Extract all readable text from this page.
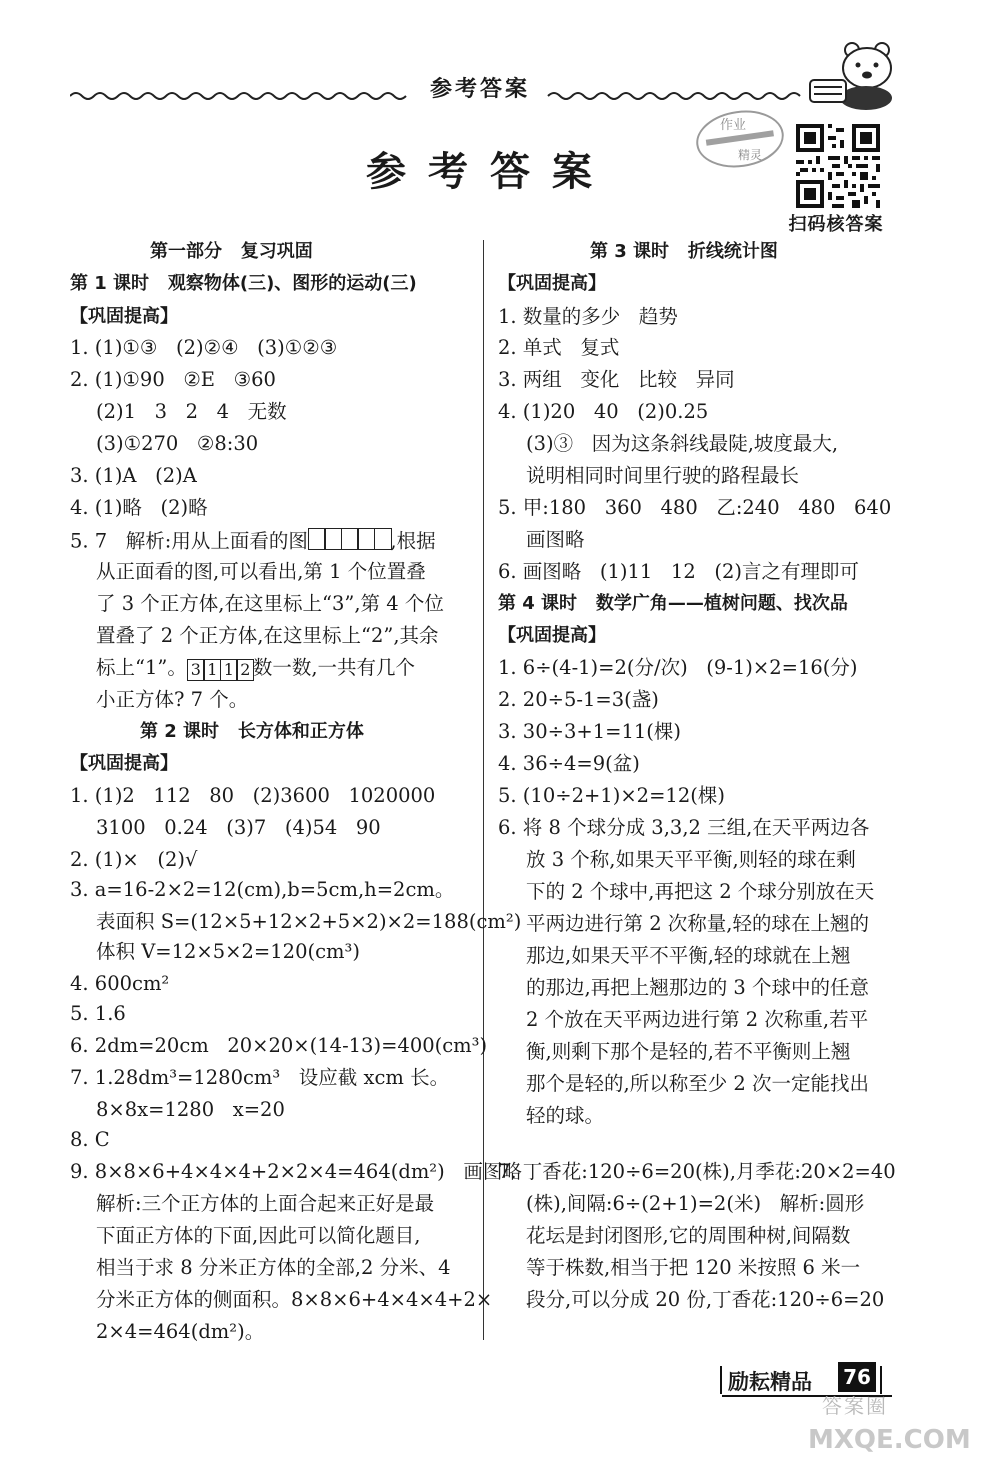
参考答案
参考答案
作业
精灵
扫码核答案
第一部分   复习巩固
第 1 课时   观察物体(三)、图形的运动(三)
【巩固提高】
1. (1)①③   (2)②④   (3)①②③
2. (1)①90   ②E   ③60
(2)1   3   2   4   无数
(3)①270   ②8:30
3. (1)A   (2)A
4. (1)略   (2)略
5. 7   解析:用从上面看的图	,根据
从正面看的图,可以看出,第 1 个位置叠
了 3 个正方体,在这里标上“3”,第 4 个位
置叠了 2 个正方体,在这里标上“2”,其余
标上“1”。 3 1 1 2 数一数,一共有几个
小正方体? 7 个。
第 2 课时   长方体和正方体
【巩固提高】
1. (1)2   112   80   (2)3600   1020000
3100   0.24   (3)7   (4)54   90
2. (1)×   (2)√
3. a=16-2×2=12(cm),b=5cm,h=2cm。
表面积 S=(12×5+12×2+5×2)×2=188(cm²)
体积 V=12×5×2=120(cm³)
4. 600cm²
5. 1.6
6. 2dm=20cm   20×20×(14-13)=400(cm³)
7. 1.28dm³=1280cm³   设应截 xcm 长。
8×8x=1280   x=20
8. C
9. 8×8×6+4×4×4+2×2×4=464(dm²)   画图略
解析:三个正方体的上面合起来正好是最
下面正方体的下面,因此可以简化题目,
相当于求 8 分米正方体的全部,2 分米、4
分米正方体的侧面积。8×8×6+4×4×4+2×
2×4=464(dm²)。
第 3 课时   折线统计图
【巩固提高】
1. 数量的多少   趋势
2. 单式   复式
3. 两组   变化   比较   异同
4. (1)20   40   (2)0.25
(3)③   因为这条斜线最陡,坡度最大,
说明相同时间里行驶的路程最长
5. 甲:180   360   480   乙:240   480   640
画图略
6. 画图略   (1)11   12   (2)言之有理即可
第 4 课时   数学广角——植树问题、找次品
【巩固提高】
1. 6÷(4-1)=2(分/次)   (9-1)×2=16(分)
2. 20÷5-1=3(盏)
3. 30÷3+1=11(棵)
4. 36÷4=9(盆)
5. (10÷2+1)×2=12(棵)
6. 将 8 个球分成 3,3,2 三组,在天平两边各
放 3 个称,如果天平平衡,则轻的球在剩
下的 2 个球中,再把这 2 个球分别放在天
平两边进行第 2 次称量,轻的球在上翘的
那边,如果天平不平衡,轻的球就在上翘
的那边,再把上翘那边的 3 个球中的任意
2 个放在天平两边进行第 2 次称重,若平
衡,则剩下那个是轻的,若不平衡则上翘
那个是轻的,所以称至少 2 次一定能找出
轻的球。
7. 丁香花:120÷6=20(株),月季花:20×2=40
(株),间隔:6÷(2+1)=2(米)   解析:圆形
花坛是封闭图形,它的周围种树,间隔数
等于株数,相当于把 120 米按照 6 米一
段分,可以分成 20 份,丁香花:120÷6=20
励耘精品 76
答案圈
MXQE.COM
